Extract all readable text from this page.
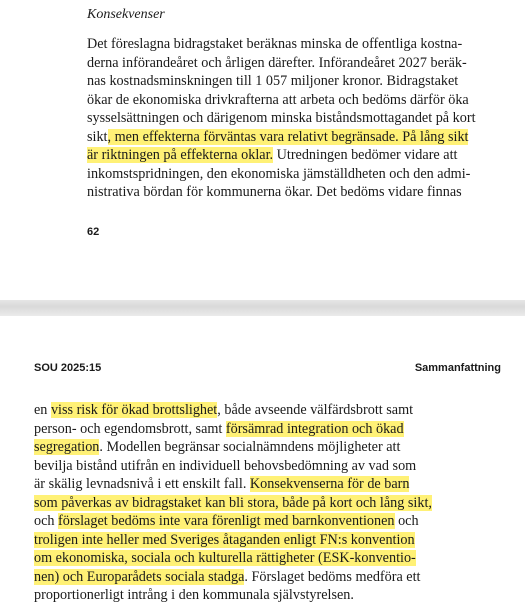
Konsekvenser
Det föreslagna bidragstaket beräknas minska de offentliga kostna-
derna införandeåret och årligen därefter. Införandeåret 2027 beräk-
nas kostnadsminskningen till 1 057 miljoner kronor. Bidragstaket
ökar de ekonomiska drivkrafterna att arbeta och bedöms därför öka
sysselsättningen och därigenom minska biståndsmottagandet på kort
sikt, men effekterna förväntas vara relativt begränsade. På lång sikt
är riktningen på effekterna oklar. Utredningen bedömer vidare att
inkomstspridningen, den ekonomiska jämställdheten och den admi-
nistrativa bördan för kommunerna ökar. Det bedöms vidare finnas
62
SOU 2025:15	Sammanfattning
en viss risk för ökad brottslighet, både avseende välfärdsbrott samt
person- och egendomsbrott, samt försämrad integration och ökad
segregation. Modellen begränsar socialnämndens möjligheter att
bevilja bistånd utifrån en individuell behovsbedömning av vad som
är skälig levnadsnivå i ett enskilt fall. Konsekvenserna för de barn
som påverkas av bidragstaket kan bli stora, både på kort och lång sikt,
och förslaget bedöms inte vara förenligt med barnkonventionen och
troligen inte heller med Sveriges åtaganden enligt FN:s konvention
om ekonomiska, sociala och kulturella rättigheter (ESK-konventio-
nen) och Europarådets sociala stadga. Förslaget bedöms medföra ett
proportionerligt intrång i den kommunala självstyrelsen.
